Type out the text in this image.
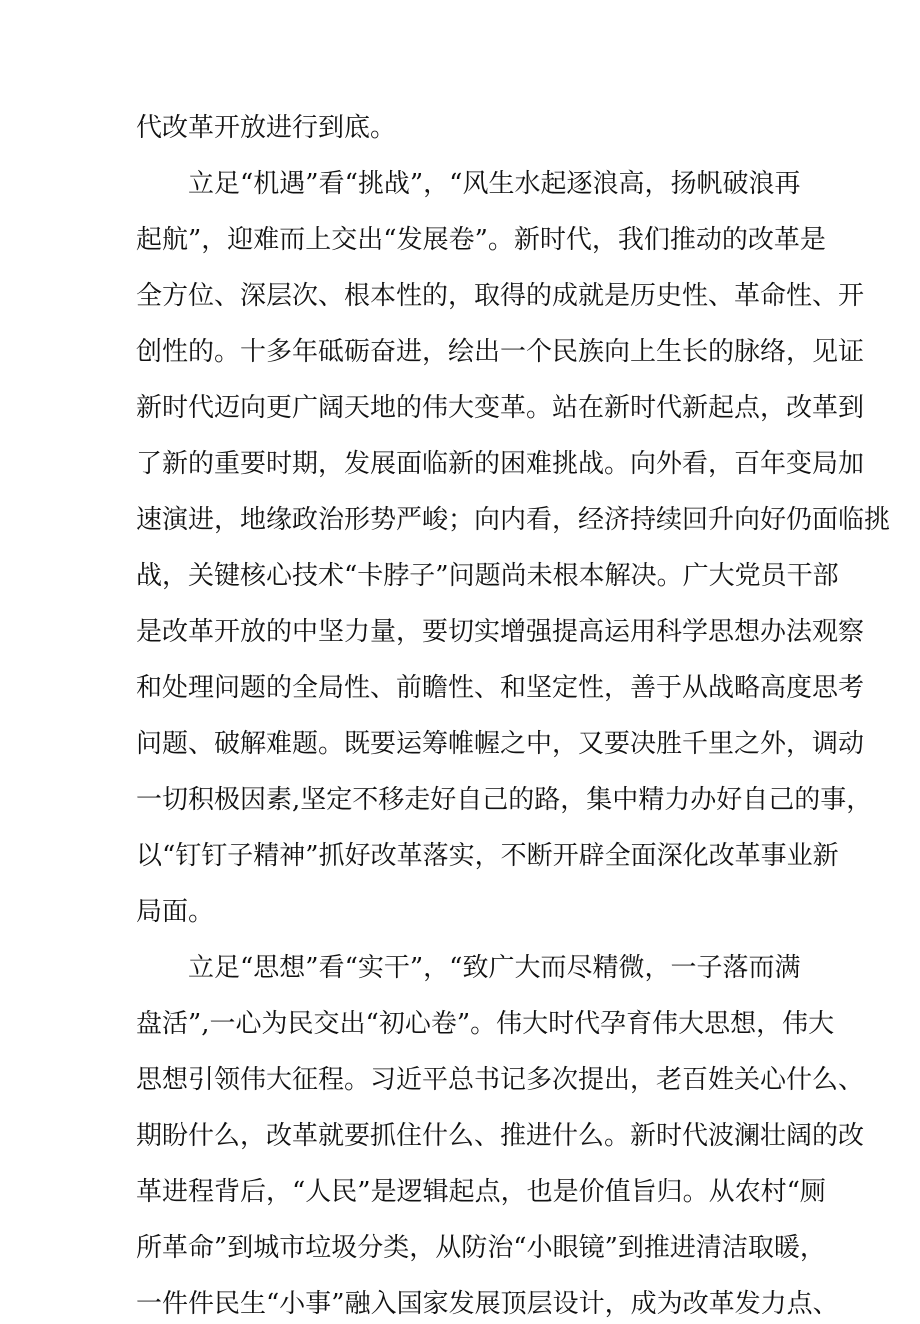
代改革开放进行到底。
立足“机遇”看“挑战”，“风生水起逐浪高，扬帆破浪再
起航”，迎难而上交出“发展卷”。新时代，我们推动的改革是
全方位、深层次、根本性的，取得的成就是历史性、革命性、开
创性的。十多年砥砺奋进，绘出一个民族向上生长的脉络，见证
新时代迈向更广阔天地的伟大变革。站在新时代新起点，改革到
了新的重要时期，发展面临新的困难挑战。向外看，百年变局加
速演进，地缘政治形势严峻；向内看，经济持续回升向好仍面临挑
战，关键核心技术“卡脖子”问题尚未根本解决。广大党员干部
是改革开放的中坚力量，要切实增强提高运用科学思想办法观察
和处理问题的全局性、前瞻性、和坚定性，善于从战略高度思考
问题、破解难题。既要运筹帷幄之中，又要决胜千里之外，调动
一切积极因素,坚定不移走好自己的路，集中精力办好自己的事，
以“钉钉子精神”抓好改革落实，不断开辟全面深化改革事业新
局面。
立足“思想”看“实干”，“致广大而尽精微，一子落而满
盘活”,一心为民交出“初心卷”。伟大时代孕育伟大思想，伟大
思想引领伟大征程。习近平总书记多次提出，老百姓关心什么、
期盼什么，改革就要抓住什么、推进什么。新时代波澜壮阔的改
革进程背后，“人民”是逻辑起点，也是价值旨归。从农村“厕
所革命”到城市垃圾分类，从防治“小眼镜”到推进清洁取暖，
一件件民生“小事”融入国家发展顶层设计，成为改革发力点、
